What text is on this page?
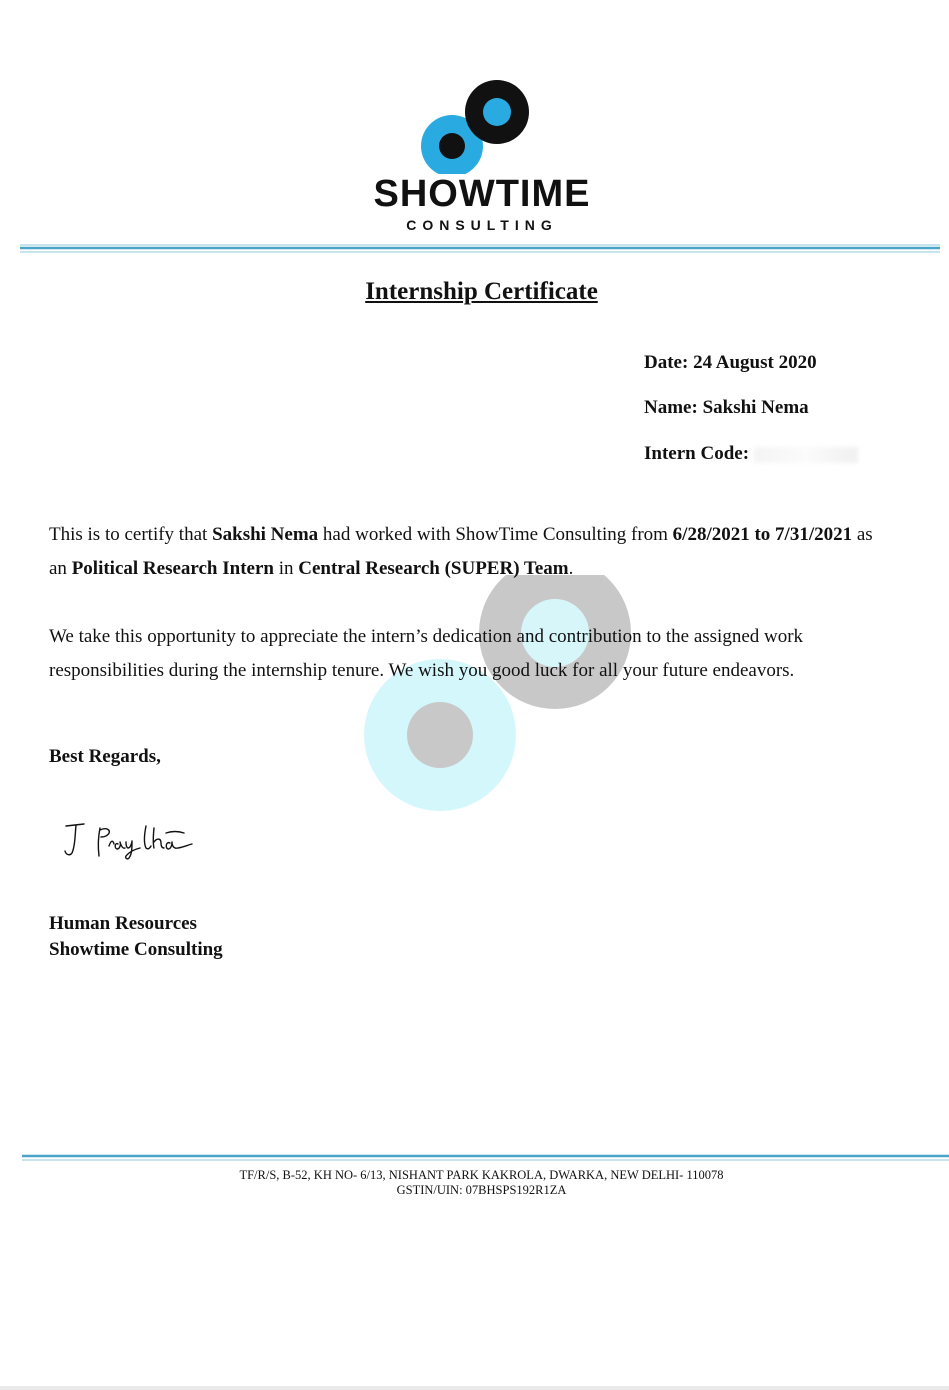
SHOWTIME
CONSULTING
Internship Certificate
Date: 24 August 2020
Name: Sakshi Nema
Intern Code:
This is to certify that Sakshi Nema had worked with ShowTime Consulting from 6/28/2021 to 7/31/2021 as
an Political Research Intern in Central Research (SUPER) Team.
We take this opportunity to appreciate the intern’s dedication and contribution to the assigned work
responsibilities during the internship tenure. We wish you good luck for all your future endeavors.
Best Regards,
Human Resources
Showtime Consulting
TF/R/S, B-52, KH NO- 6/13, NISHANT PARK KAKROLA, DWARKA, NEW DELHI- 110078
GSTIN/UIN: 07BHSPS192R1ZA
